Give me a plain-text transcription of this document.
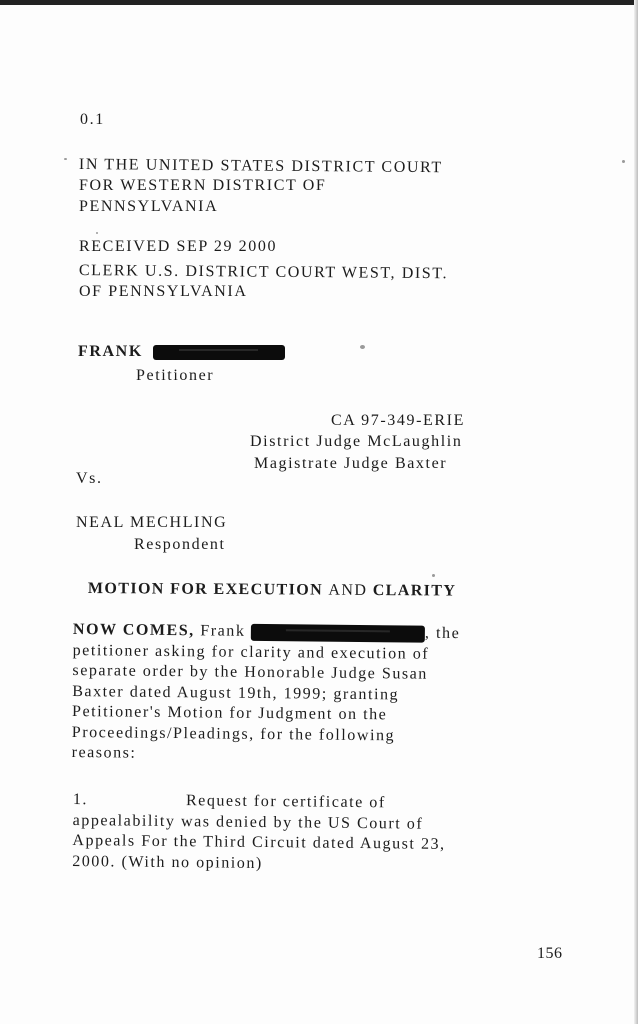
0.1
IN THE UNITED STATES DISTRICT COURT
FOR WESTERN DISTRICT OF
PENNSYLVANIA
RECEIVED SEP 29 2000
CLERK U.S. DISTRICT COURT WEST, DIST.
OF PENNSYLVANIA
FRANK
Petitioner
CA 97-349-ERIE
District Judge McLaughlin
Magistrate Judge Baxter
Vs.
NEAL MECHLING
Respondent
MOTION FOR EXECUTION AND CLARITY
NOW COMES, Frank	, the
petitioner asking for clarity and execution of
separate order by the Honorable Judge Susan
Baxter dated August 19th, 1999; granting
Petitioner's Motion for Judgment on the
Proceedings/Pleadings, for the following
reasons:
1.	Request for certificate of
appealability was denied by the US Court of
Appeals For the Third Circuit dated August 23,
2000. (With no opinion)
156
